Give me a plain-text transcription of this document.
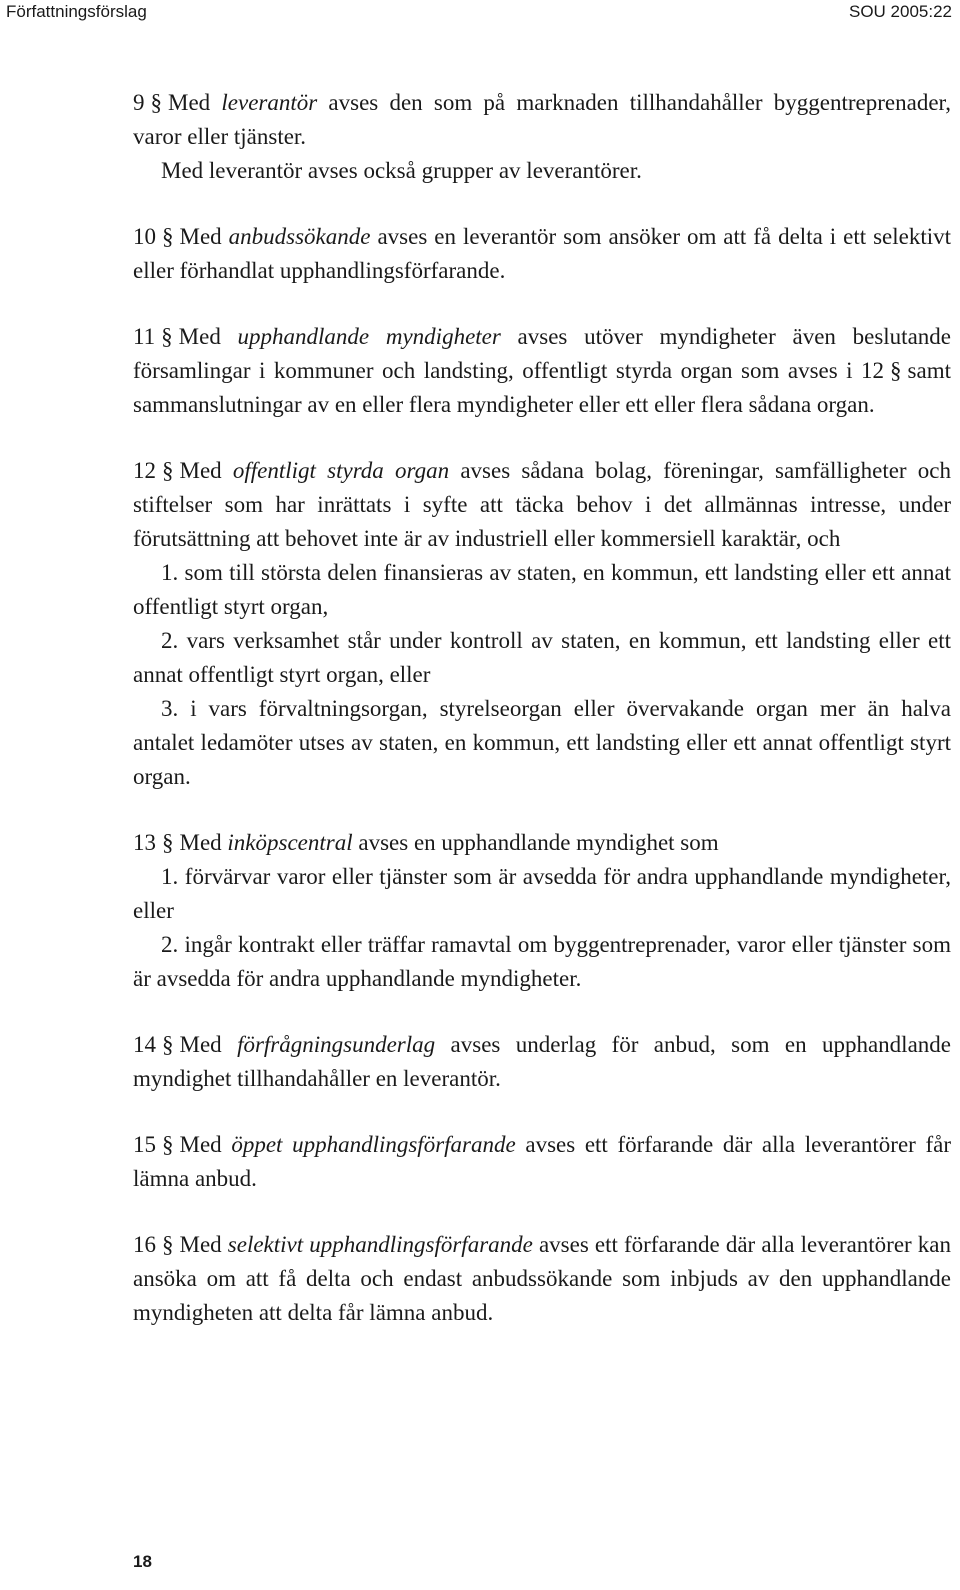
Författningsförslag	SOU 2005:22

9 § Med leverantör avses den som på marknaden tillhandahåller byggentreprenader, varor eller tjänster.

Med leverantör avses också grupper av leverantörer.

10 § Med anbudssökande avses en leverantör som ansöker om att få delta i ett selektivt eller förhandlat upphandlingsförfarande.

11 § Med upphandlande myndigheter avses utöver myndigheter även beslutande församlingar i kommuner och landsting, offentligt styrda organ som avses i 12 § samt sammanslutningar av en eller flera myndigheter eller ett eller flera sådana organ.

12 § Med offentligt styrda organ avses sådana bolag, föreningar, samfälligheter och stiftelser som har inrättats i syfte att täcka behov i det allmännas intresse, under förutsättning att behovet inte är av industriell eller kommersiell karaktär, och

1. som till största delen finansieras av staten, en kommun, ett landsting eller ett annat offentligt styrt organ,

2. vars verksamhet står under kontroll av staten, en kommun, ett landsting eller ett annat offentligt styrt organ, eller

3. i vars förvaltningsorgan, styrelseorgan eller övervakande organ mer än halva antalet ledamöter utses av staten, en kommun, ett landsting eller ett annat offentligt styrt organ.

13 § Med inköpscentral avses en upphandlande myndighet som

1. förvärvar varor eller tjänster som är avsedda för andra upphandlande myndigheter, eller

2. ingår kontrakt eller träffar ramavtal om byggentreprenader, varor eller tjänster som är avsedda för andra upphandlande myndigheter.

14 § Med förfrågningsunderlag avses underlag för anbud, som en upphandlande myndighet tillhandahåller en leverantör.

15 § Med öppet upphandlingsförfarande avses ett förfarande där alla leverantörer får lämna anbud.

16 § Med selektivt upphandlingsförfarande avses ett förfarande där alla leverantörer kan ansöka om att få delta och endast anbudssökande som inbjuds av den upphandlande myndigheten att delta får lämna anbud.

18
